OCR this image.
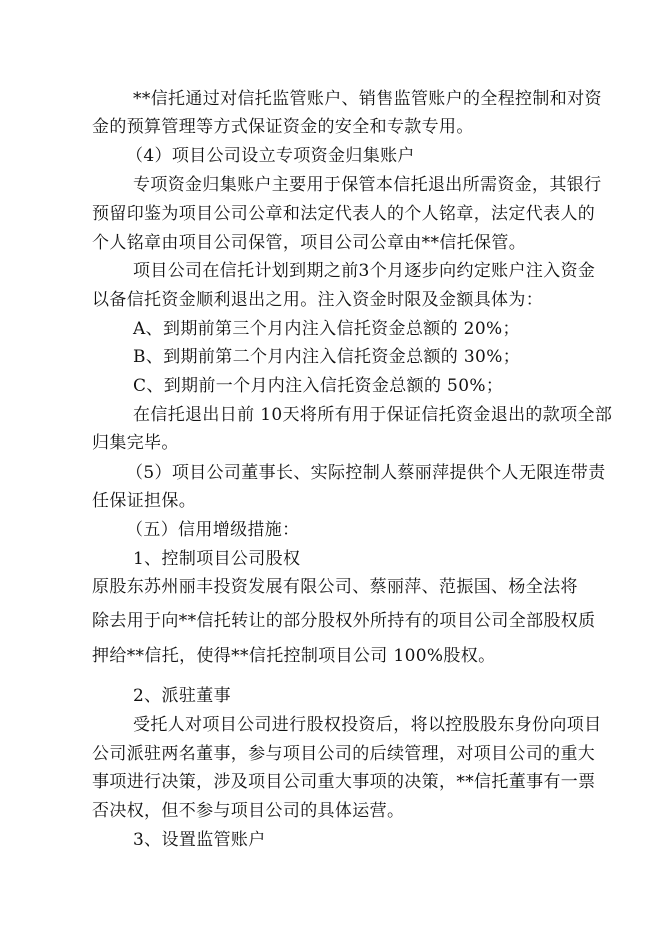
**信托通过对信托监管账户、销售监管账户的全程控制和对资
金的预算管理等方式保证资金的安全和专款专用。
（4）项目公司设立专项资金归集账户
专项资金归集账户主要用于保管本信托退出所需资金，其银行
预留印鉴为项目公司公章和法定代表人的个人铭章，法定代表人的
个人铭章由项目公司保管，项目公司公章由**信托保管。
项目公司在信托计划到期之前3个月逐步向约定账户注入资金
以备信托资金顺利退出之用。注入资金时限及金额具体为：
A、到期前第三个月内注入信托资金总额的 20%；
B、到期前第二个月内注入信托资金总额的 30%；
C、到期前一个月内注入信托资金总额的 50%；
在信托退出日前 10天将所有用于保证信托资金退出的款项全部
归集完毕。
（5）项目公司董事长、实际控制人蔡丽萍提供个人无限连带责
任保证担保。
（五）信用增级措施：
1、控制项目公司股权
原股东苏州丽丰投资发展有限公司、蔡丽萍、范振国、杨全法将
除去用于向**信托转让的部分股权外所持有的项目公司全部股权质
押给**信托，使得**信托控制项目公司 100%股权。
2、派驻董事
受托人对项目公司进行股权投资后，将以控股股东身份向项目
公司派驻两名董事，参与项目公司的后续管理，对项目公司的重大
事项进行决策，涉及项目公司重大事项的决策，**信托董事有一票
否决权，但不参与项目公司的具体运营。
3、设置监管账户
